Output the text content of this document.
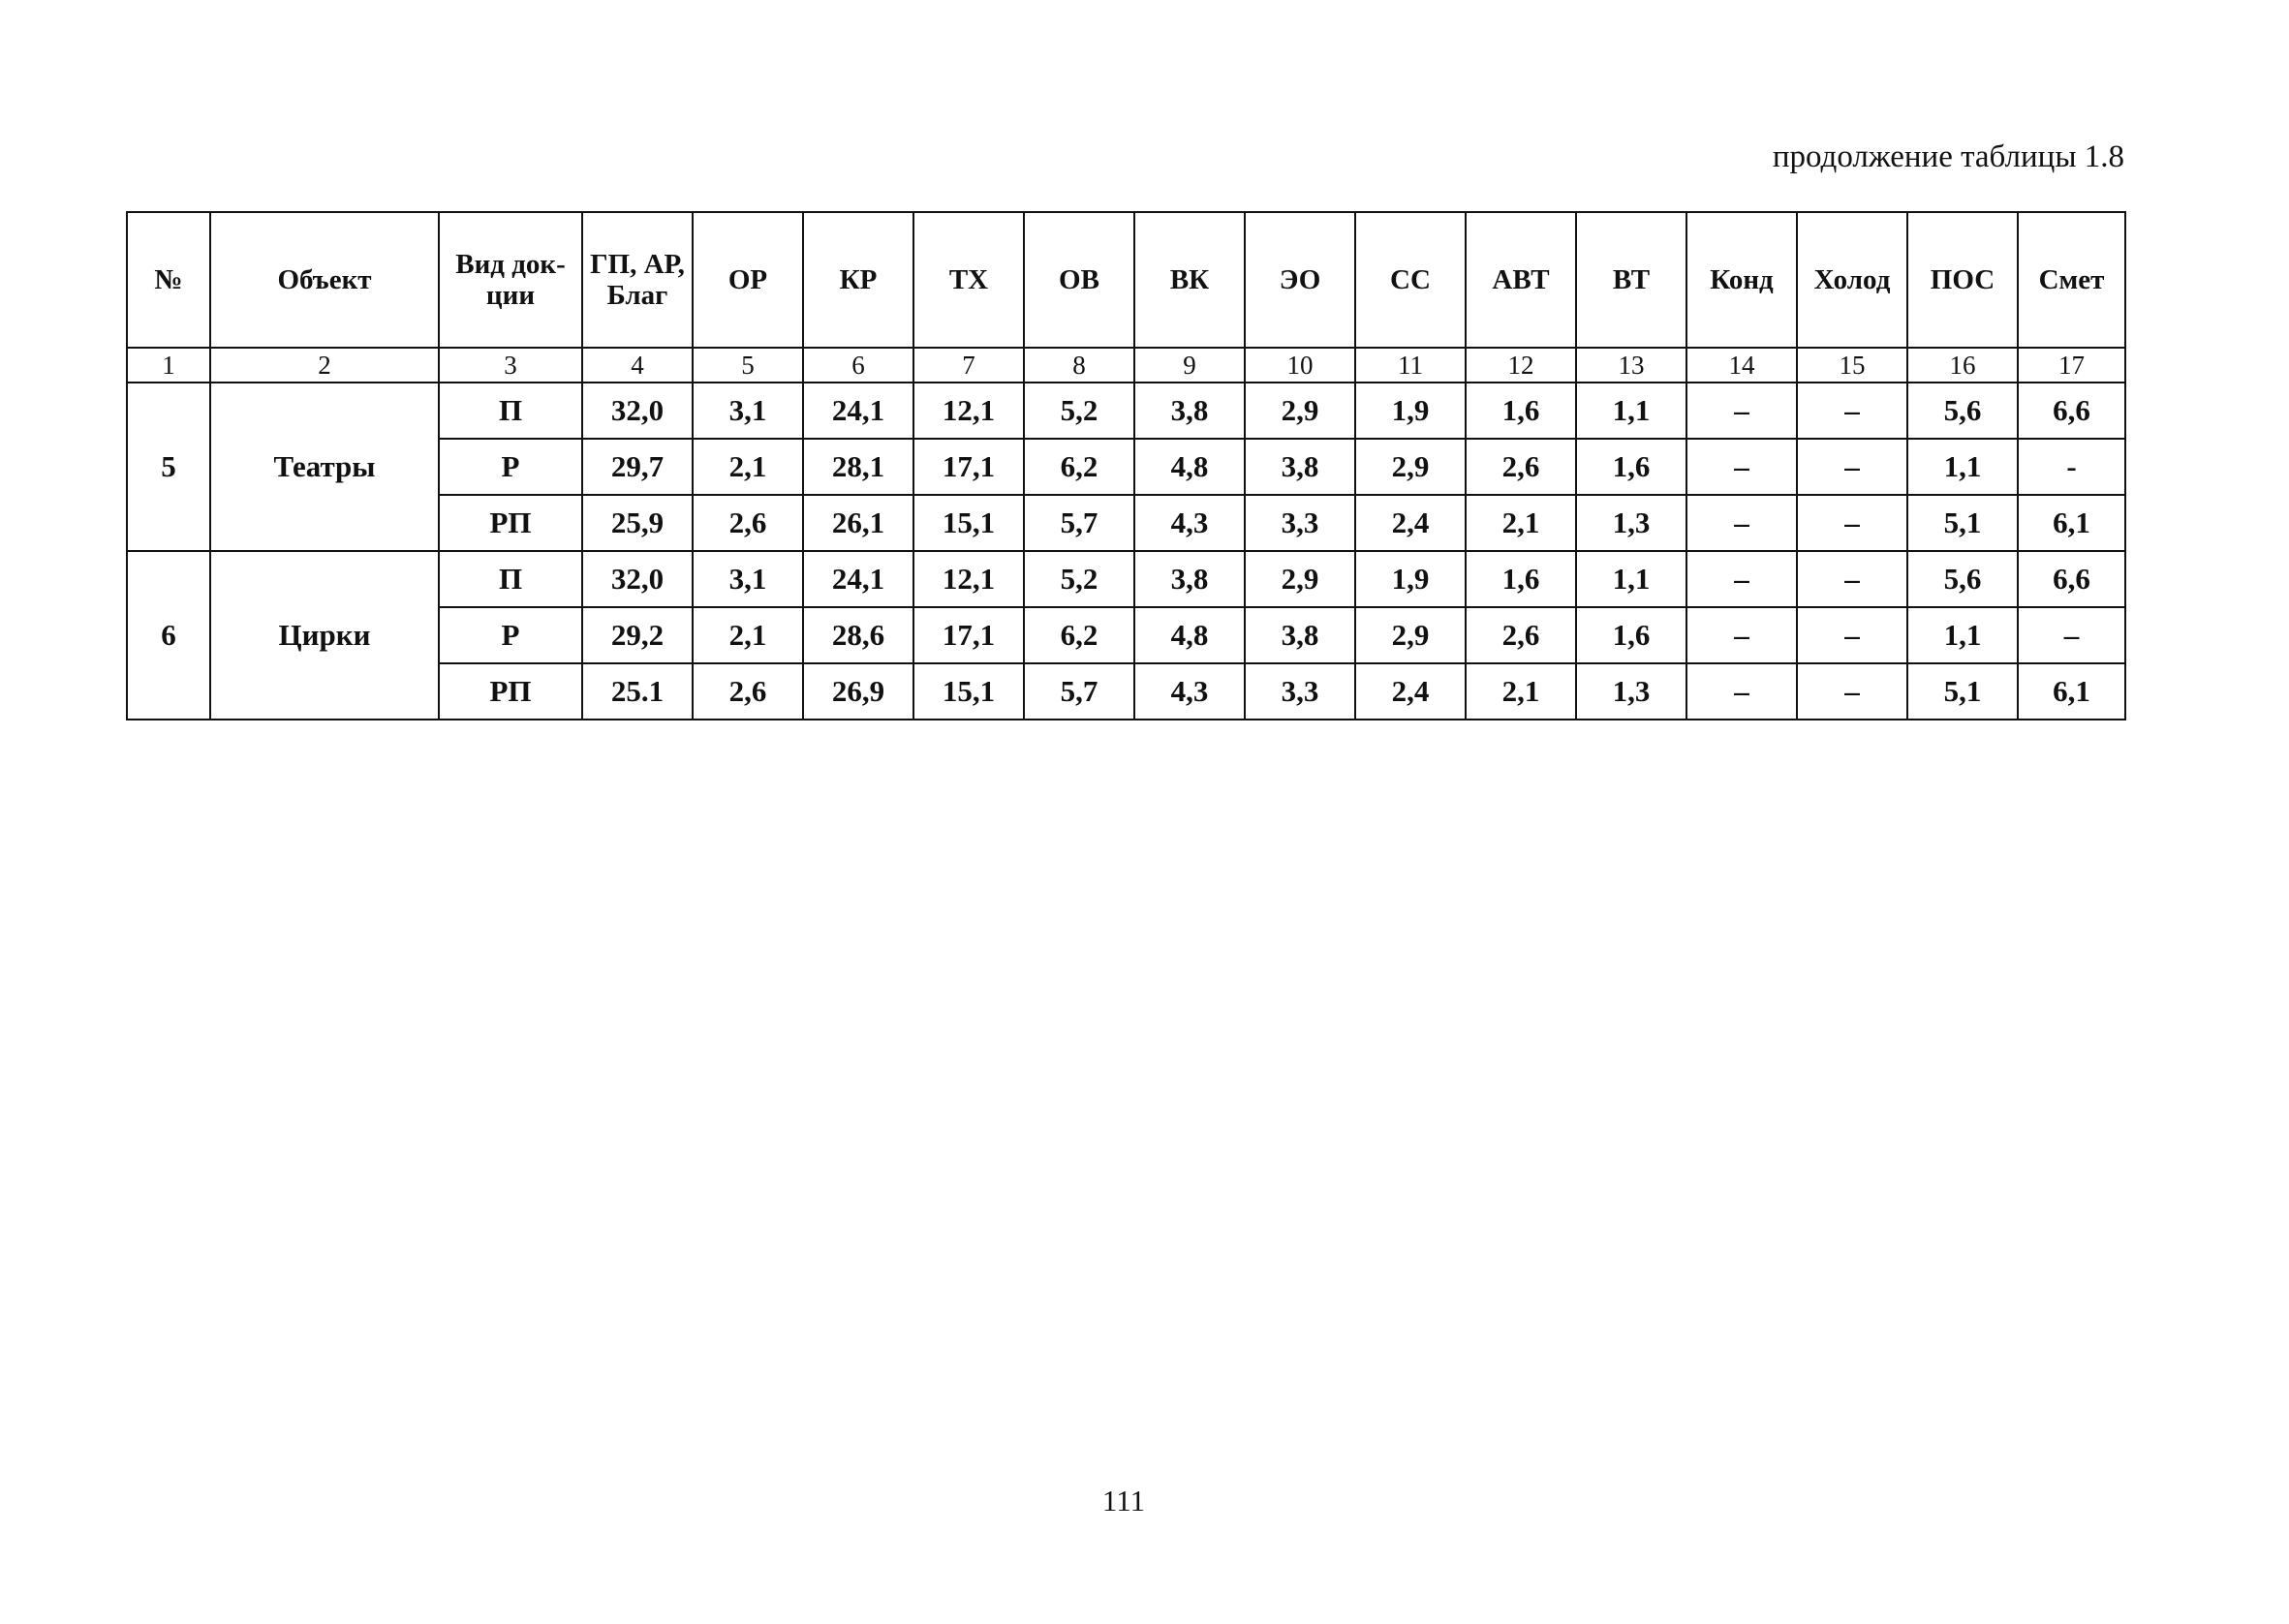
продолжение таблицы 1.8
№	Объект	Вид док-ции	ГП, АР, Благ	ОР	КР	ТХ	ОВ	ВК	ЭО	СС	АВТ	ВТ	Конд	Холод	ПОС	Смет
1	2	3	4	5	6	7	8	9	10	11	12	13	14	15	16	17
5	Театры	П	32,0	3,1	24,1	12,1	5,2	3,8	2,9	1,9	1,6	1,1	–	–	5,6	6,6
		Р	29,7	2,1	28,1	17,1	6,2	4,8	3,8	2,9	2,6	1,6	–	–	1,1	-
		РП	25,9	2,6	26,1	15,1	5,7	4,3	3,3	2,4	2,1	1,3	–	–	5,1	6,1
6	Цирки	П	32,0	3,1	24,1	12,1	5,2	3,8	2,9	1,9	1,6	1,1	–	–	5,6	6,6
		Р	29,2	2,1	28,6	17,1	6,2	4,8	3,8	2,9	2,6	1,6	–	–	1,1	–
		РП	25.1	2,6	26,9	15,1	5,7	4,3	3,3	2,4	2,1	1,3	–	–	5,1	6,1
111
